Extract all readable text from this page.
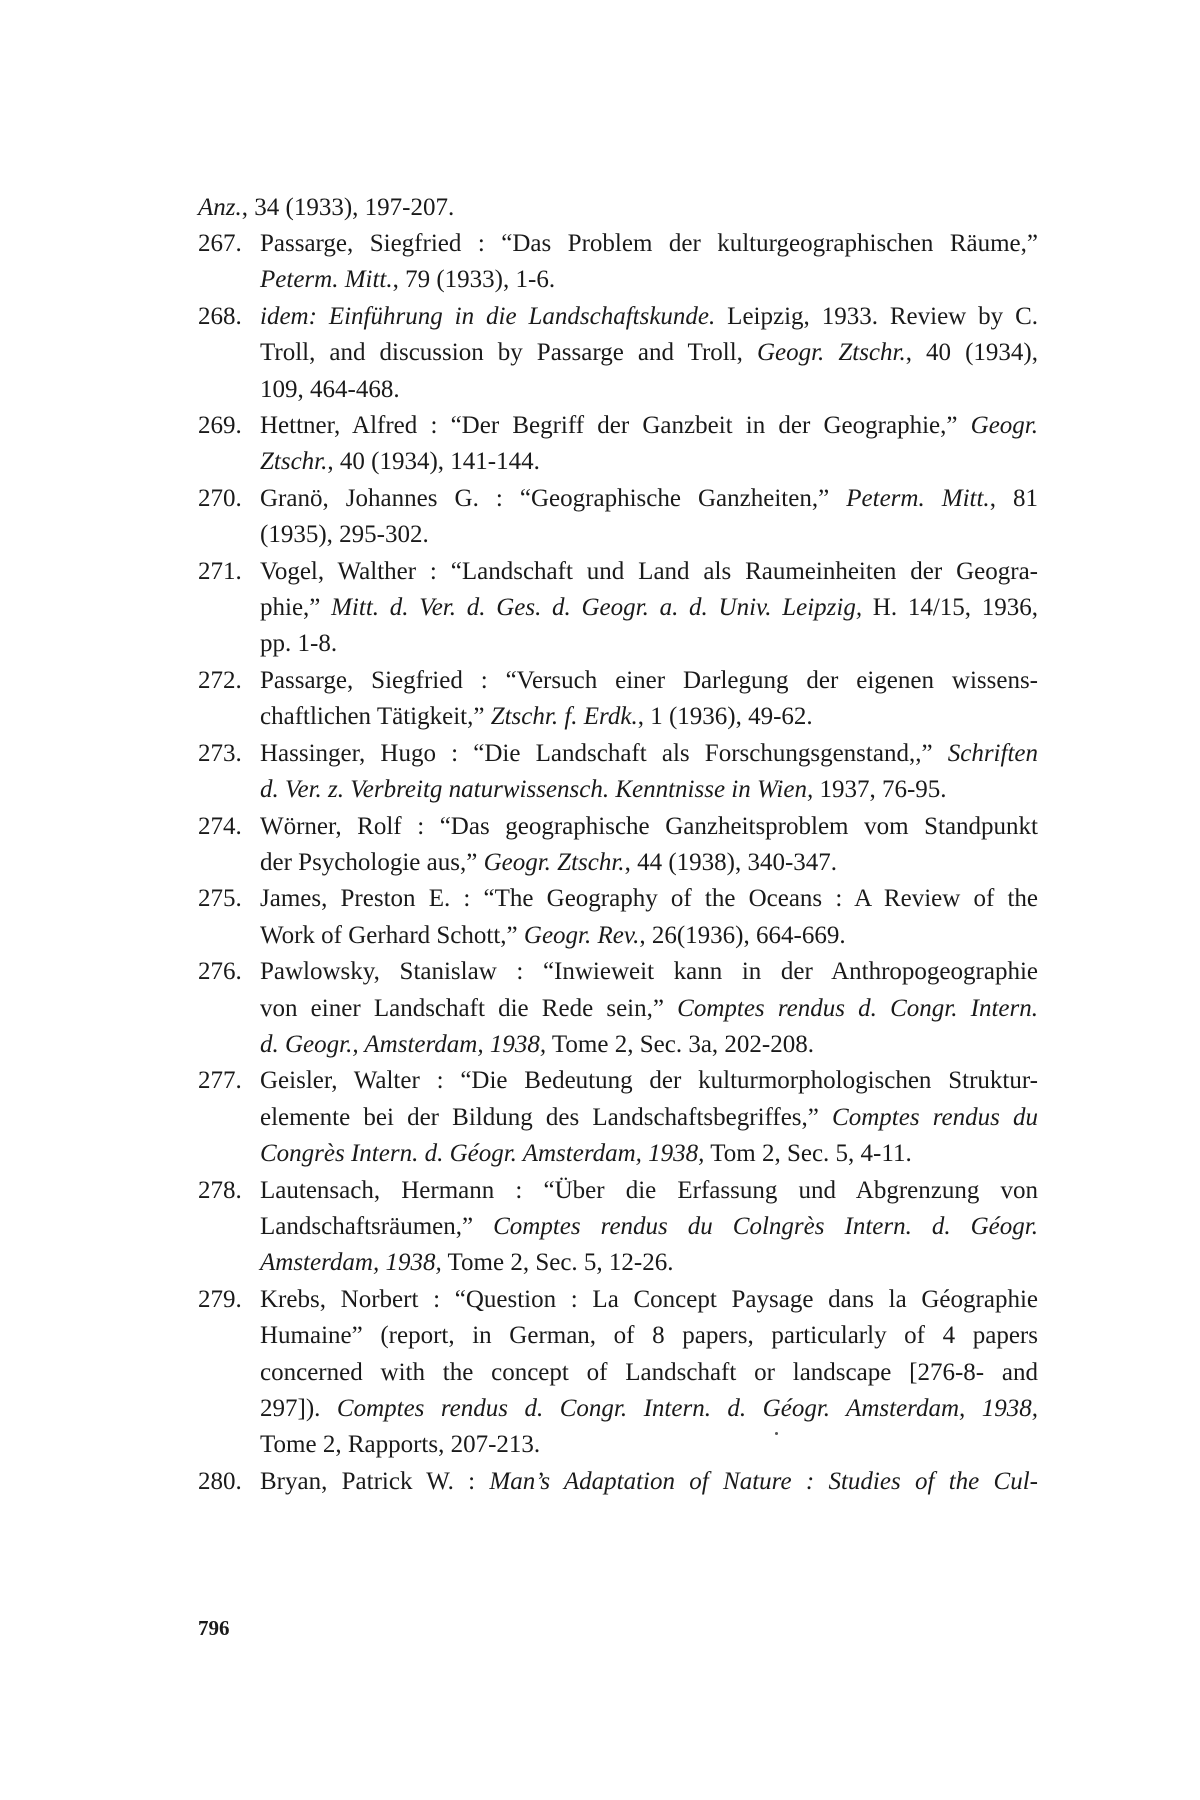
Anz., 34 (1933), 197-207.
267. Passarge, Siegfried : “Das Problem der kulturgeographischen Räume,”
Peterm. Mitt., 79 (1933), 1-6.
268. idem: Einführung in die Landschaftskunde. Leipzig, 1933. Review by C.
Troll, and discussion by Passarge and Troll, Geogr. Ztschr., 40 (1934),
109, 464-468.
269. Hettner, Alfred : “Der Begriff der Ganzbeit in der Geographie,” Geogr.
Ztschr., 40 (1934), 141-144.
270. Granö, Johannes G. : “Geographische Ganzheiten,” Peterm. Mitt., 81
(1935), 295-302.
271. Vogel, Walther : “Landschaft und Land als Raumeinheiten der Geogra-
phie,” Mitt. d. Ver. d. Ges. d. Geogr. a. d. Univ. Leipzig, H. 14/15, 1936,
pp. 1-8.
272. Passarge, Siegfried : “Versuch einer Darlegung der eigenen wissens-
chaftlichen Tätigkeit,” Ztschr. f. Erdk., 1 (1936), 49-62.
273. Hassinger, Hugo : “Die Landschaft als Forschungsgenstand,,” Schriften
d. Ver. z. Verbreitg naturwissensch. Kenntnisse in Wien, 1937, 76-95.
274. Wörner, Rolf : “Das geographische Ganzheitsproblem vom Standpunkt
der Psychologie aus,” Geogr. Ztschr., 44 (1938), 340-347.
275. James, Preston E. : “The Geography of the Oceans : A Review of the
Work of Gerhard Schott,” Geogr. Rev., 26(1936), 664-669.
276. Pawlowsky, Stanislaw : “Inwieweit kann in der Anthropogeographie
von einer Landschaft die Rede sein,” Comptes rendus d. Congr. Intern.
d. Geogr., Amsterdam, 1938, Tome 2, Sec. 3a, 202-208.
277. Geisler, Walter : “Die Bedeutung der kulturmorphologischen Struktur-
elemente bei der Bildung des Landschaftsbegriffes,” Comptes rendus du
Congrès Intern. d. Géogr. Amsterdam, 1938, Tom 2, Sec. 5, 4-11.
278. Lautensach, Hermann : “Über die Erfassung und Abgrenzung von
Landschaftsräumen,” Comptes rendus du Colngrès Intern. d. Géogr.
Amsterdam, 1938, Tome 2, Sec. 5, 12-26.
279. Krebs, Norbert : “Question : La Concept Paysage dans la Géographie
Humaine” (report, in German, of 8 papers, particularly of 4 papers
concerned with the concept of Landschaft or landscape [276-8- and
297]). Comptes rendus d. Congr. Intern. d. Géogr. Amsterdam, 1938,
Tome 2, Rapports, 207-213.
280. Bryan, Patrick W. : Man’s Adaptation of Nature : Studies of the Cul-
796
